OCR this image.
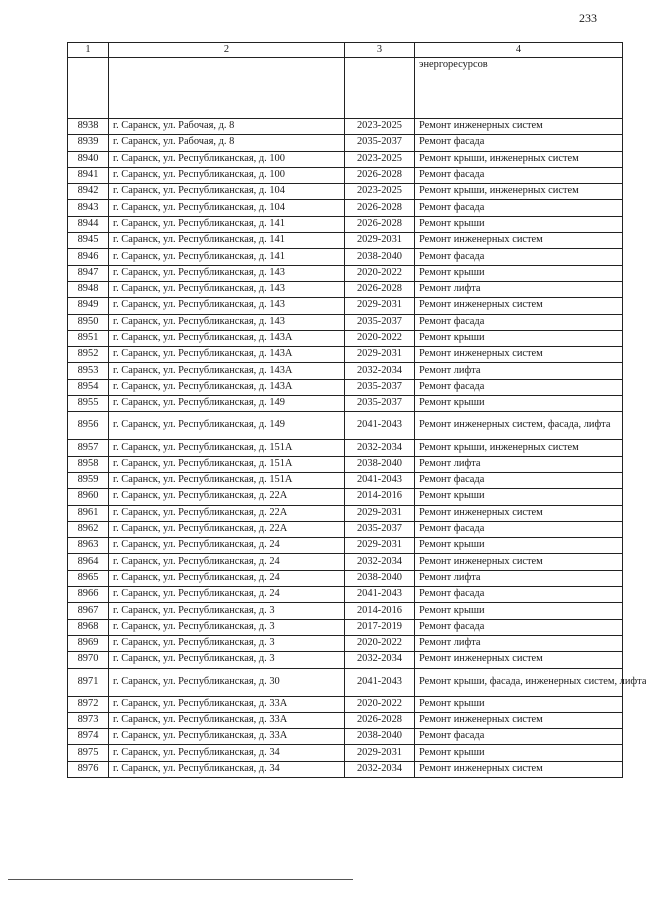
233
1	2	3	4
			энергоресурсов
8938	г. Саранск, ул. Рабочая, д. 8	2023-2025	Ремонт инженерных систем
8939	г. Саранск, ул. Рабочая, д. 8	2035-2037	Ремонт фасада
8940	г. Саранск, ул. Республиканская, д. 100	2023-2025	Ремонт крыши, инженерных систем
8941	г. Саранск, ул. Республиканская, д. 100	2026-2028	Ремонт фасада
8942	г. Саранск, ул. Республиканская, д. 104	2023-2025	Ремонт крыши, инженерных систем
8943	г. Саранск, ул. Республиканская, д. 104	2026-2028	Ремонт фасада
8944	г. Саранск, ул. Республиканская, д. 141	2026-2028	Ремонт крыши
8945	г. Саранск, ул. Республиканская, д. 141	2029-2031	Ремонт инженерных систем
8946	г. Саранск, ул. Республиканская, д. 141	2038-2040	Ремонт фасада
8947	г. Саранск, ул. Республиканская, д. 143	2020-2022	Ремонт крыши
8948	г. Саранск, ул. Республиканская, д. 143	2026-2028	Ремонт лифта
8949	г. Саранск, ул. Республиканская, д. 143	2029-2031	Ремонт инженерных систем
8950	г. Саранск, ул. Республиканская, д. 143	2035-2037	Ремонт фасада
8951	г. Саранск, ул. Республиканская, д. 143А	2020-2022	Ремонт крыши
8952	г. Саранск, ул. Республиканская, д. 143А	2029-2031	Ремонт инженерных систем
8953	г. Саранск, ул. Республиканская, д. 143А	2032-2034	Ремонт лифта
8954	г. Саранск, ул. Республиканская, д. 143А	2035-2037	Ремонт фасада
8955	г. Саранск, ул. Республиканская, д. 149	2035-2037	Ремонт крыши
8956	г. Саранск, ул. Республиканская, д. 149	2041-2043	Ремонт инженерных систем, фасада, лифта
8957	г. Саранск, ул. Республиканская, д. 151А	2032-2034	Ремонт крыши, инженерных систем
8958	г. Саранск, ул. Республиканская, д. 151А	2038-2040	Ремонт лифта
8959	г. Саранск, ул. Республиканская, д. 151А	2041-2043	Ремонт фасада
8960	г. Саранск, ул. Республиканская, д. 22А	2014-2016	Ремонт крыши
8961	г. Саранск, ул. Республиканская, д. 22А	2029-2031	Ремонт инженерных систем
8962	г. Саранск, ул. Республиканская, д. 22А	2035-2037	Ремонт фасада
8963	г. Саранск, ул. Республиканская, д. 24	2029-2031	Ремонт крыши
8964	г. Саранск, ул. Республиканская, д. 24	2032-2034	Ремонт инженерных систем
8965	г. Саранск, ул. Республиканская, д. 24	2038-2040	Ремонт лифта
8966	г. Саранск, ул. Республиканская, д. 24	2041-2043	Ремонт фасада
8967	г. Саранск, ул. Республиканская, д. 3	2014-2016	Ремонт крыши
8968	г. Саранск, ул. Республиканская, д. 3	2017-2019	Ремонт фасада
8969	г. Саранск, ул. Республиканская, д. 3	2020-2022	Ремонт лифта
8970	г. Саранск, ул. Республиканская, д. 3	2032-2034	Ремонт инженерных систем
8971	г. Саранск, ул. Республиканская, д. 30	2041-2043	Ремонт крыши, фасада, инженерных систем, лифта
8972	г. Саранск, ул. Республиканская, д. 33А	2020-2022	Ремонт крыши
8973	г. Саранск, ул. Республиканская, д. 33А	2026-2028	Ремонт инженерных систем
8974	г. Саранск, ул. Республиканская, д. 33А	2038-2040	Ремонт фасада
8975	г. Саранск, ул. Республиканская, д. 34	2029-2031	Ремонт крыши
8976	г. Саранск, ул. Республиканская, д. 34	2032-2034	Ремонт инженерных систем
